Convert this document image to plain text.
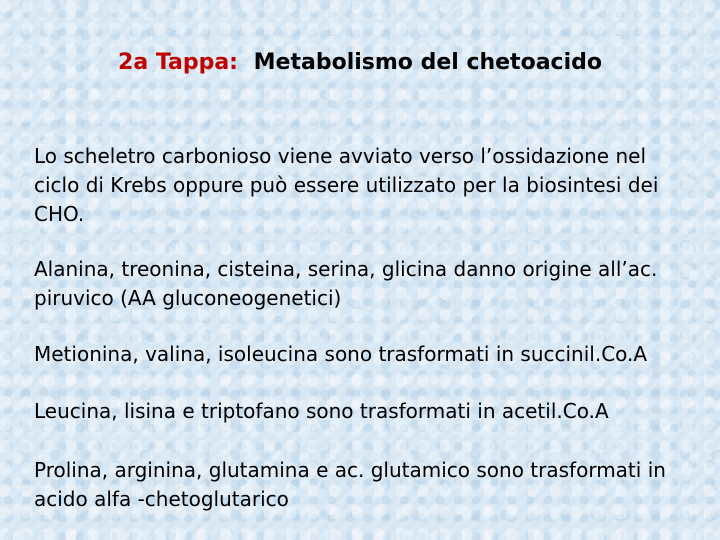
2a Tappa: Metabolismo del chetoacido
Lo scheletro carbonioso viene avviato verso l’ossidazione nel ciclo di Krebs oppure può essere utilizzato per la biosintesi dei CHO.
Alanina, treonina, cisteina, serina, glicina danno origine all’ac. piruvico (AA gluconeogenetici)
Metionina, valina, isoleucina sono trasformati in succinil.Co.A
Leucina, lisina e triptofano sono trasformati in acetil.Co.A
Prolina, arginina, glutamina e ac. glutamico sono trasformati in acido alfa -chetoglutarico
